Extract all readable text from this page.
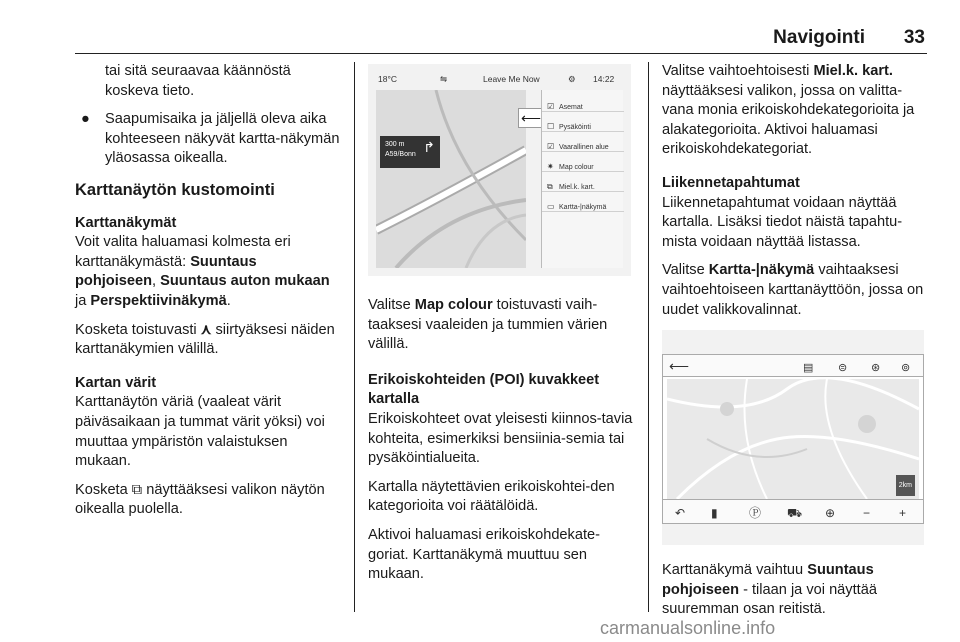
Navigointi 33

tai sitä seuraavaa käännöstä koskeva tieto.

● Saapumisaika ja jäljellä oleva aika kohteeseen näkyvät kartta-näkymän yläosassa oikealla.
Karttanäytön kustomointi
Karttanäkymät

Voit valita haluamasi kolmesta eri karttanäkymästä: Suuntaus pohjoiseen, Suuntaus auton mukaan ja Perspektiivinäkymä.

Kosketa toistuvasti ⋏ siirtyäksesi näiden karttanäkymien välillä.

Kartan värit

Karttanäytön väriä (vaaleat värit päiväsaikaan ja tummat värit yöksi) voi muuttaa ympäristön valaistuksen mukaan.

Kosketa ⧉ näyttääksesi valikon näytön oikealla puolella.

18°C	⇋	Leave Me Now	⚙ 14:22
300 m
A59/Bonn ↱
⟵
☑ Asemat
☐ Pysäköinti
☑ Vaarallinen alue
✷ Map colour
⧉ Miel.k. kart.
▭ Kartta-|näkymä

Valitse Map colour toistuvasti vaih-taaksesi vaaleiden ja tummien värien välillä.

Erikoiskohteiden (POI) kuvakkeet kartalla

Erikoiskohteet ovat yleisesti kiinnos-tavia kohteita, esimerkiksi bensiinia-semia tai pysäköintialueita.

Kartalla näytettävien erikoiskohtei-den kategorioita voi räätälöidä.

Aktivoi haluamasi erikoiskohdekate-goriat. Karttanäkymä muuttuu sen mukaan.

Valitse vaihtoehtoisesti Miel.k. kart. näyttääksesi valikon, jossa on valitta-vana monia erikoiskohdekategorioita ja alakategorioita. Aktivoi haluamasi erikoiskohdekategoriat.

Liikennetapahtumat

Liikennetapahtumat voidaan näyttää kartalla. Lisäksi tiedot näistä tapahtu-mista voidaan näyttää listassa.

Valitse Kartta-|näkymä vaihtaaksesi vaihtoehtoiseen karttanäyttöön, jossa on uudet valikkovalinnat.

⟵	▤ ⊜ ⊛ ⊚
2km
↶ ▮	Ⓟ ⛟ ⊕ − +

Karttanäkymä vaihtuu Suuntaus pohjoiseen - tilaan ja voi näyttää suuremman osan reitistä.

carmanualsonline.info
